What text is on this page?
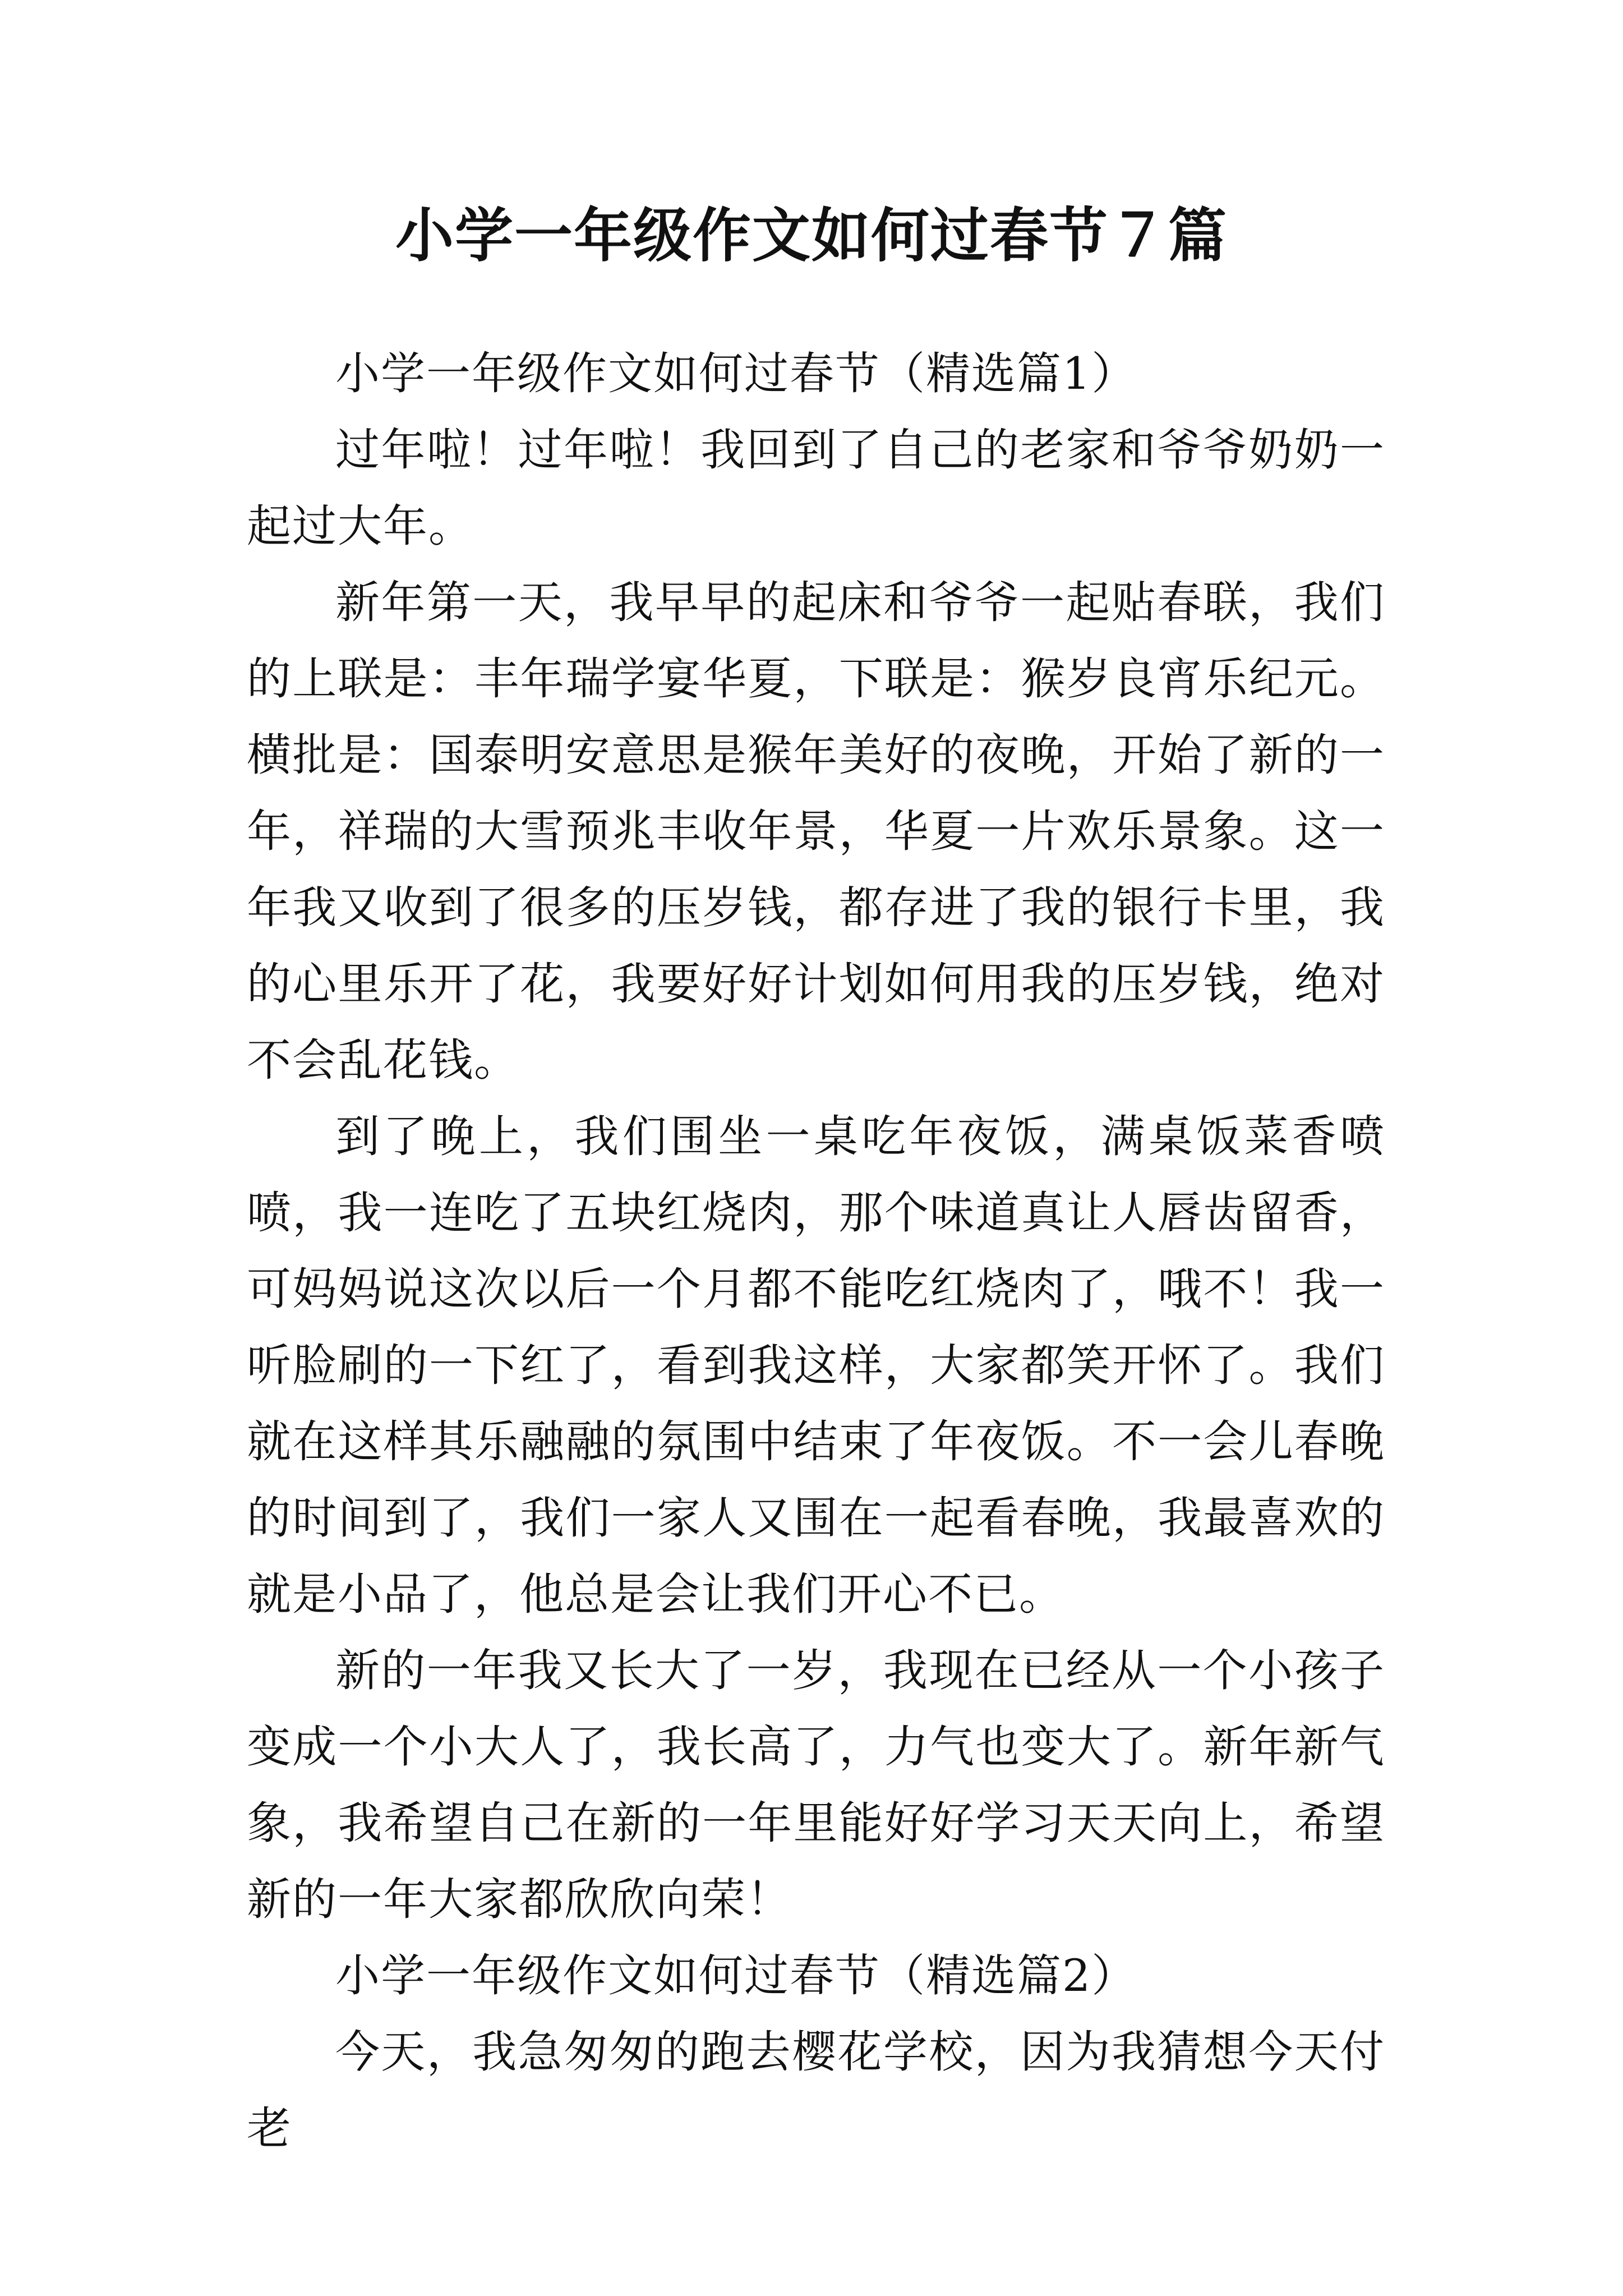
小学一年级作文如何过春节７篇

小学一年级作文如何过春节（精选篇1）

过年啦！过年啦！我回到了自己的老家和爷爷奶奶一起过大年。

新年第一天，我早早的起床和爷爷一起贴春联，我们的上联是：丰年瑞学宴华夏，下联是：猴岁良宵乐纪元。横批是：国泰明安意思是猴年美好的夜晚，开始了新的一年，祥瑞的大雪预兆丰收年景，华夏一片欢乐景象。这一年我又收到了很多的压岁钱，都存进了我的银行卡里，我的心里乐开了花，我要好好计划如何用我的压岁钱，绝对不会乱花钱。

到了晚上，我们围坐一桌吃年夜饭，满桌饭菜香喷喷，我一连吃了五块红烧肉，那个味道真让人唇齿留香，可妈妈说这次以后一个月都不能吃红烧肉了，哦不！我一听脸刷的一下红了，看到我这样，大家都笑开怀了。我们就在这样其乐融融的氛围中结束了年夜饭。不一会儿春晚的时间到了，我们一家人又围在一起看春晚，我最喜欢的就是小品了，他总是会让我们开心不已。

新的一年我又长大了一岁，我现在已经从一个小孩子变成一个小大人了，我长高了，力气也变大了。新年新气象，我希望自己在新的一年里能好好学习天天向上，希望新的一年大家都欣欣向荣！

小学一年级作文如何过春节（精选篇2）

今天，我急匆匆的跑去樱花学校，因为我猜想今天付老
